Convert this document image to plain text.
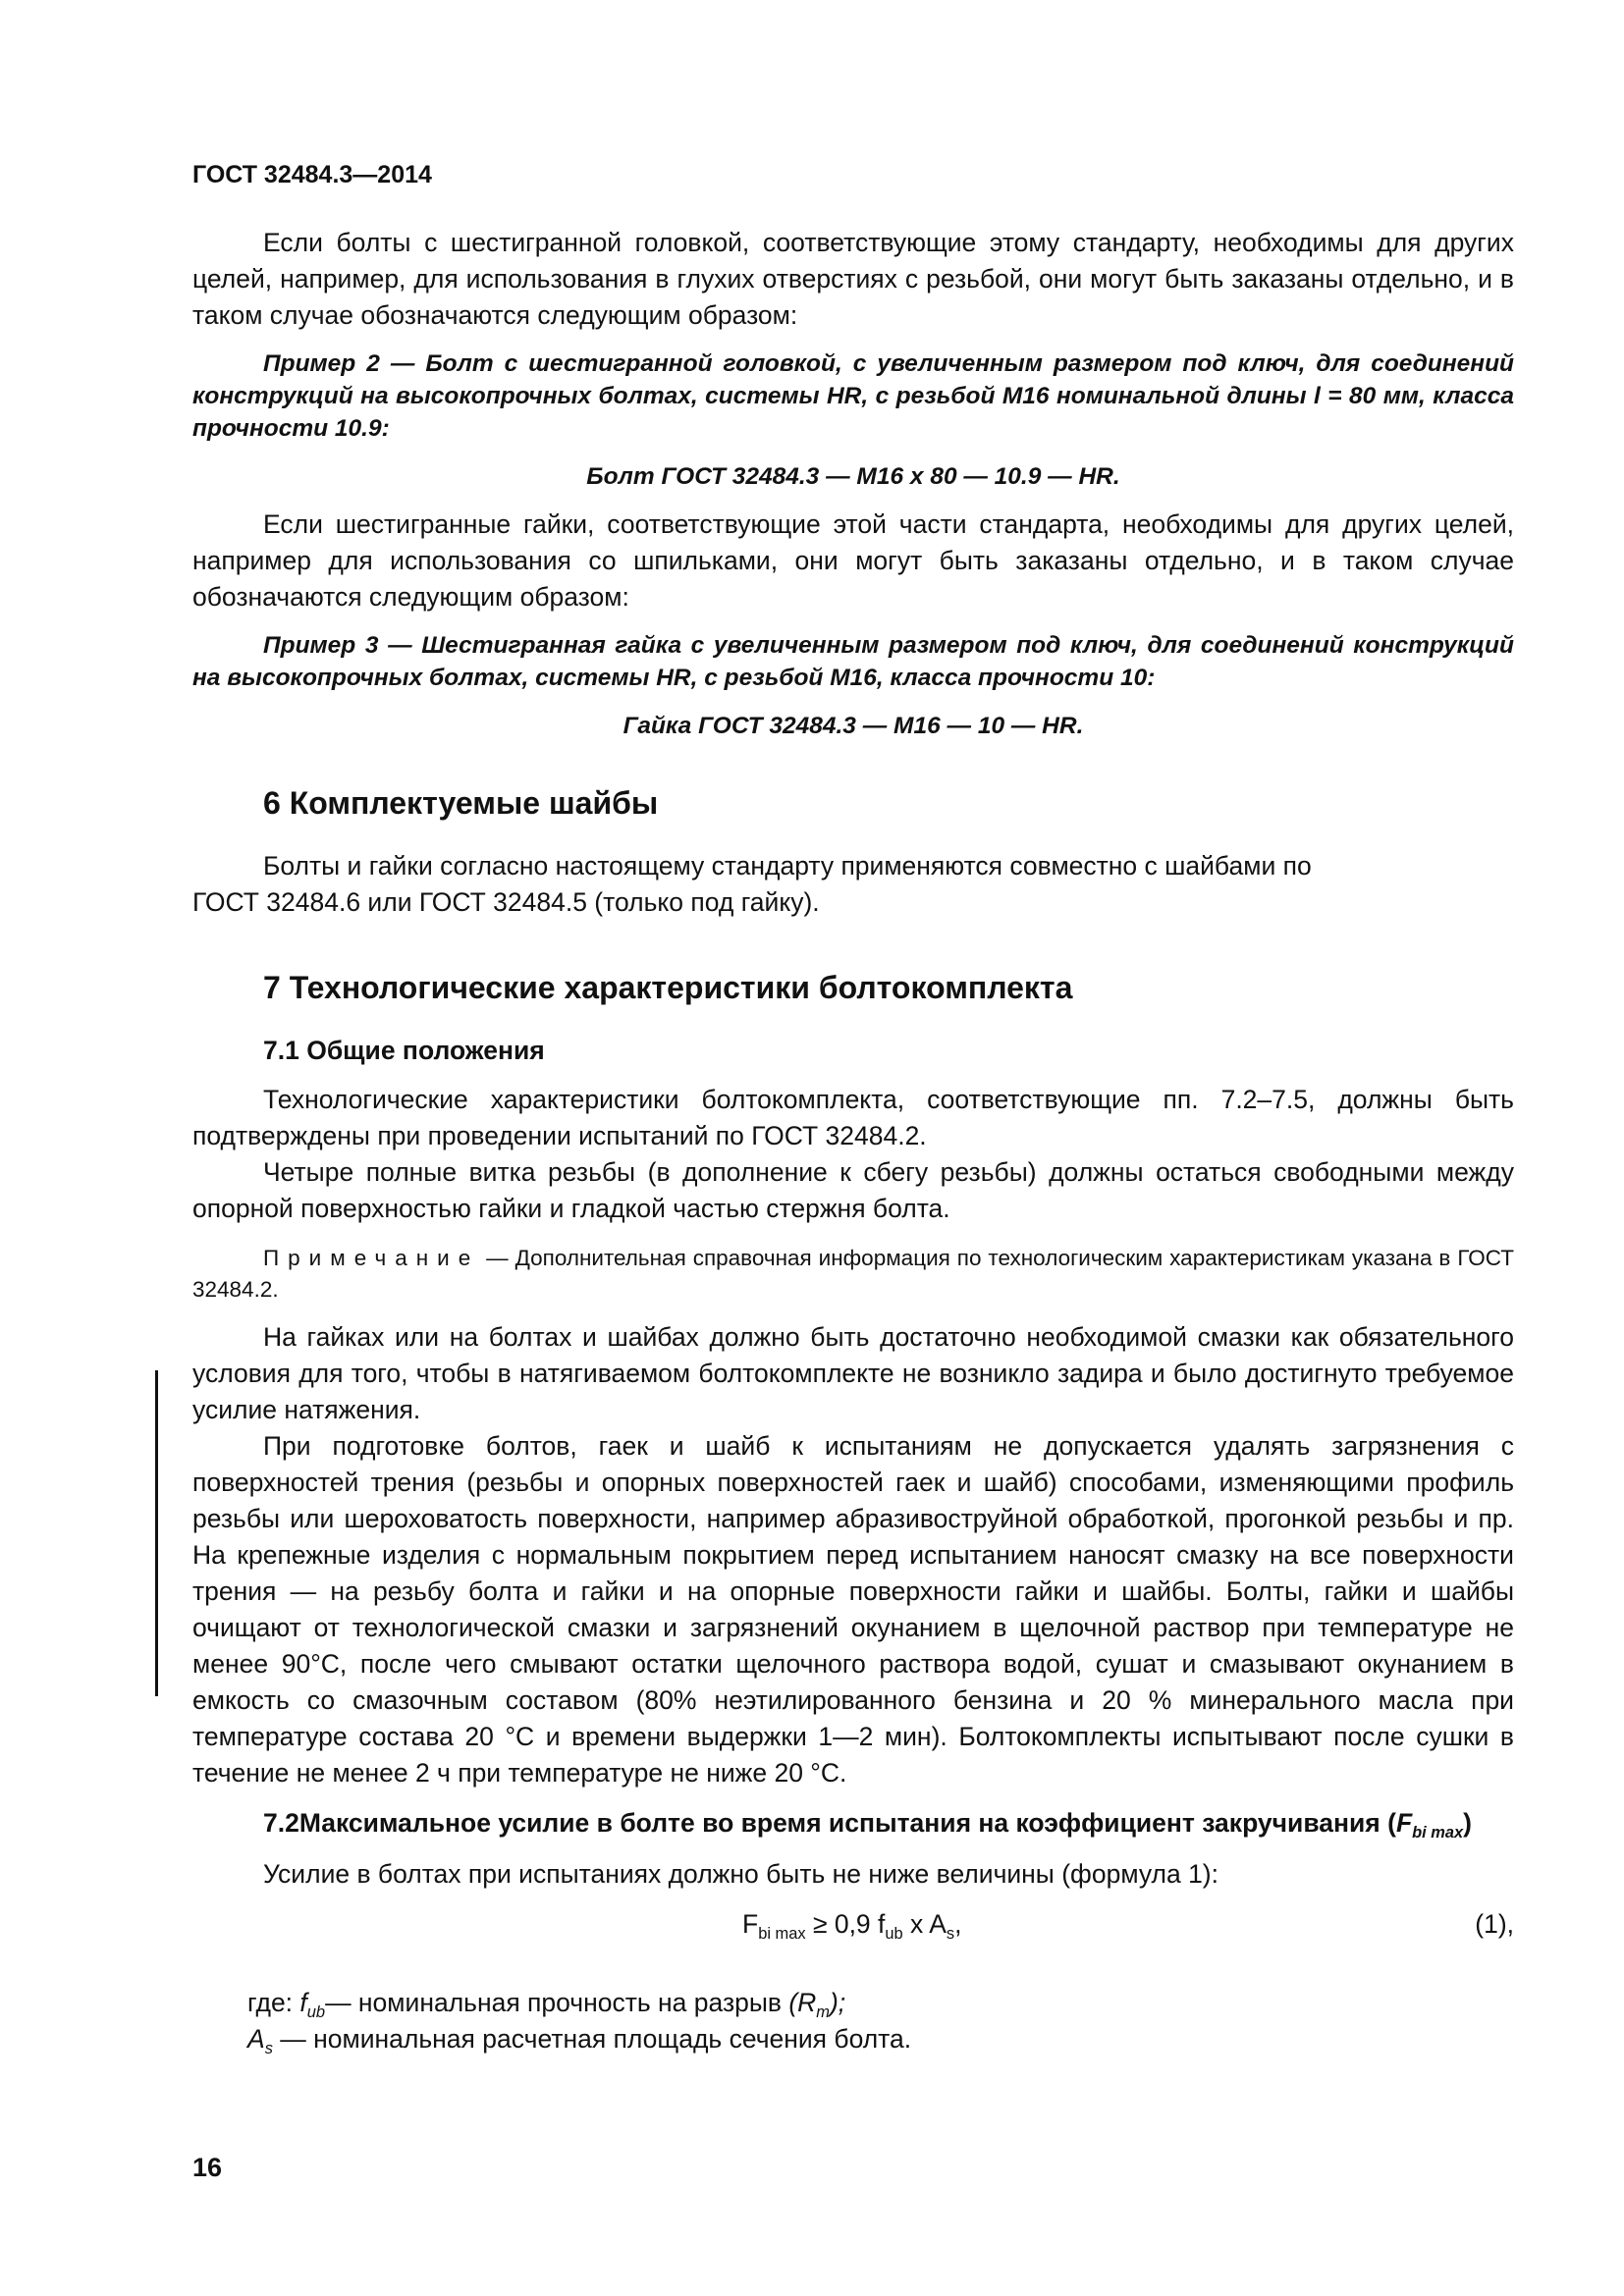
ГОСТ 32484.3—2014

Если болты с шестигранной головкой, соответствующие этому стандарту, необходимы для других целей, например, для использования в глухих отверстиях с резьбой, они могут быть заказаны отдельно, и в таком случае обозначаются следующим образом:

Пример 2 — Болт с шестигранной головкой, с увеличенным размером под ключ, для соединений конструкций на высокопрочных болтах, системы HR, с резьбой М16 номинальной длины l = 80 мм, класса прочности 10.9:

Болт ГОСТ 32484.3 — М16 х 80 — 10.9 — HR.

Если шестигранные гайки, соответствующие этой части стандарта, необходимы для других целей, например для использования со шпильками, они могут быть заказаны отдельно, и в таком случае обозначаются следующим образом:

Пример 3 — Шестигранная гайка с увеличенным размером под ключ, для соединений конструкций на высокопрочных болтах, системы HR, с резьбой М16, класса прочности 10:

Гайка ГОСТ 32484.3 — М16 — 10 — HR.

6 Комплектуемые шайбы

Болты и гайки согласно настоящему стандарту применяются совместно с шайбами по
ГОСТ 32484.6 или ГОСТ 32484.5 (только под гайку).

7 Технологические характеристики болтокомплекта
7.1 Общие положения

Технологические характеристики болтокомплекта, соответствующие пп. 7.2–7.5, должны быть подтверждены при проведении испытаний по ГОСТ 32484.2.

Четыре полные витка резьбы (в дополнение к сбегу резьбы) должны остаться свободными между опорной поверхностью гайки и гладкой частью стержня болта.

Примечание — Дополнительная справочная информация по технологическим характеристикам указана в ГОСТ 32484.2.

На гайках или на болтах и шайбах должно быть достаточно необходимой смазки как обязательного условия для того, чтобы в натягиваемом болтокомплекте не возникло задира и было достигнуто требуемое усилие натяжения.

При подготовке болтов, гаек и шайб к испытаниям не допускается удалять загрязнения с поверхностей трения (резьбы и опорных поверхностей гаек и шайб) способами, изменяющими профиль резьбы или шероховатость поверхности, например абразивоструйной обработкой, прогонкой резьбы и пр. На крепежные изделия с нормальным покрытием перед испытанием наносят смазку на все поверхности трения — на резьбу болта и гайки и на опорные поверхности гайки и шайбы. Болты, гайки и шайбы очищают от технологической смазки и загрязнений окунанием в щелочной раствор при температуре не менее 90°С, после чего смывают остатки щелочного раствора водой, сушат и смазывают окунанием в емкость со смазочным составом (80% неэтилированного бензина и 20 % минерального масла при температуре состава 20 °С и времени выдержки 1—2 мин). Болтокомплекты испытывают после сушки в течение не менее 2 ч при температуре не ниже 20 °С.

7.2Максимальное усилие в болте во время испытания на коэффициент закручивания $(F_{bi max})$

Усилие в болтах при испытаниях должно быть не ниже величины (формула 1):

$F_{bi max} \ge 0,9$ $f_{ub}$ x $A_s$,	(1),

где: $f_{ub}—$ номинальная прочность на разрыв $(R_m)$;

$A_s$ — номинальная расчетная площадь сечения болта.

16
